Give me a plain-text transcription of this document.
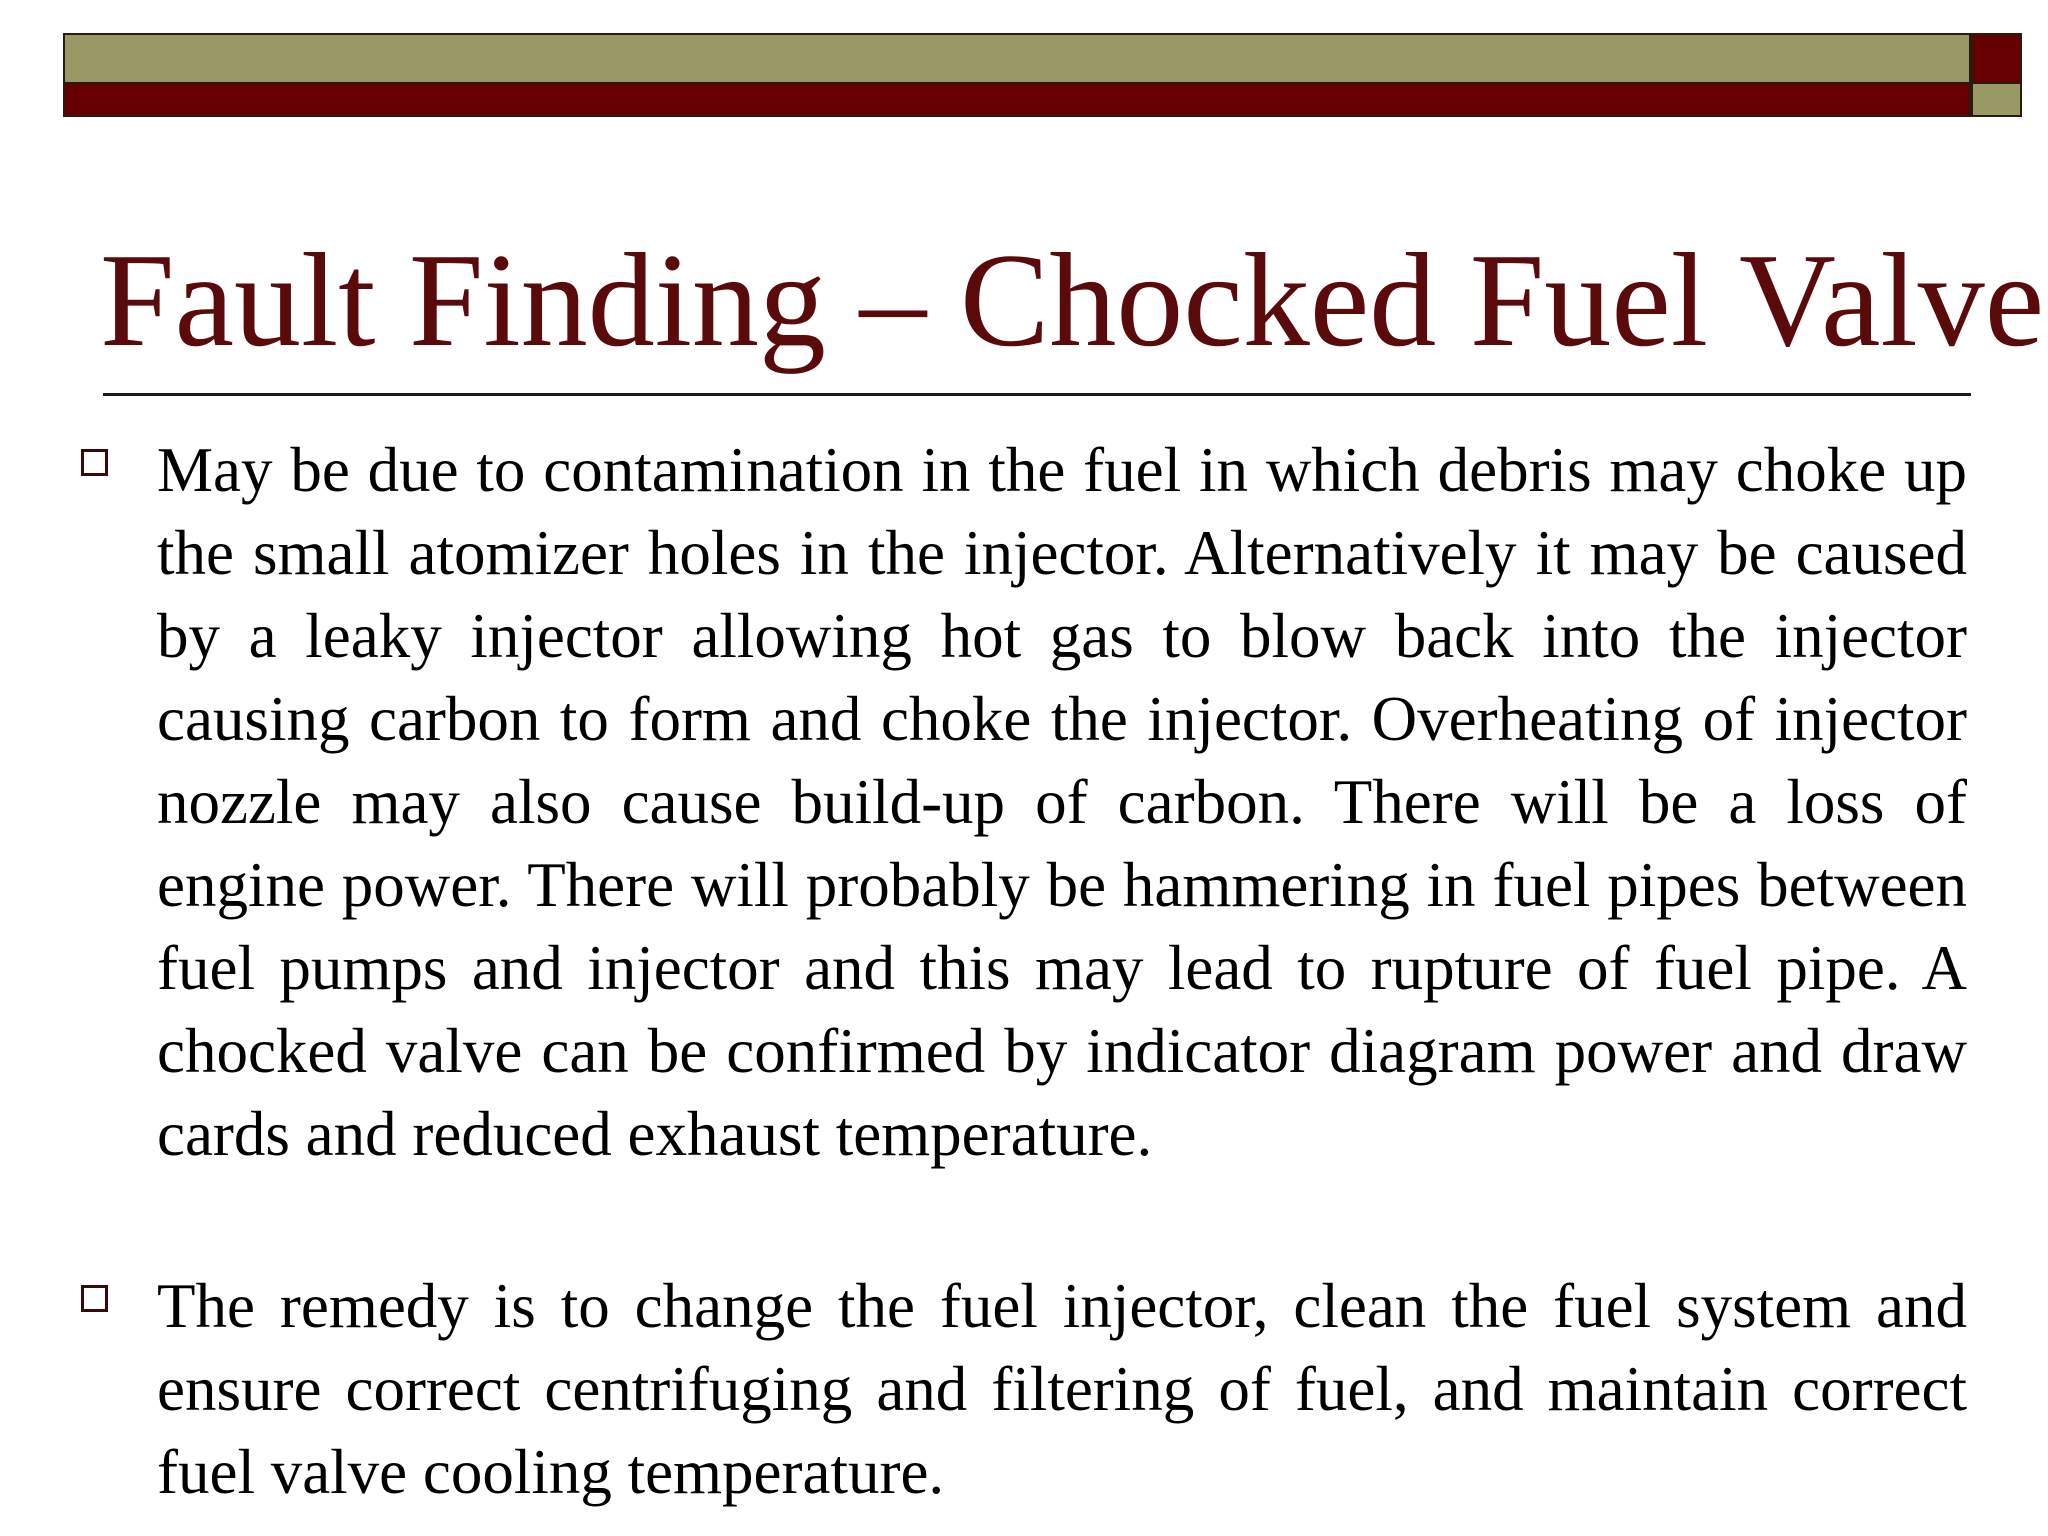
Fault Finding – Chocked Fuel Valve

May be due to contamination in the fuel in which debris may choke up the small atomizer holes in the injector. Alternatively it may be caused by a leaky injector allowing hot gas to blow back into the injector causing carbon to form and choke the injector. Overheating of injector nozzle may also cause build-up of carbon. There will be a loss of engine power. There will probably be hammering in fuel pipes between fuel pumps and injector and this may lead to rupture of fuel pipe. A chocked valve can be confirmed by indicator diagram power and draw cards and reduced exhaust temperature.

The remedy is to change the fuel injector, clean the fuel system and ensure correct centrifuging and filtering of fuel, and maintain correct fuel valve cooling temperature.
